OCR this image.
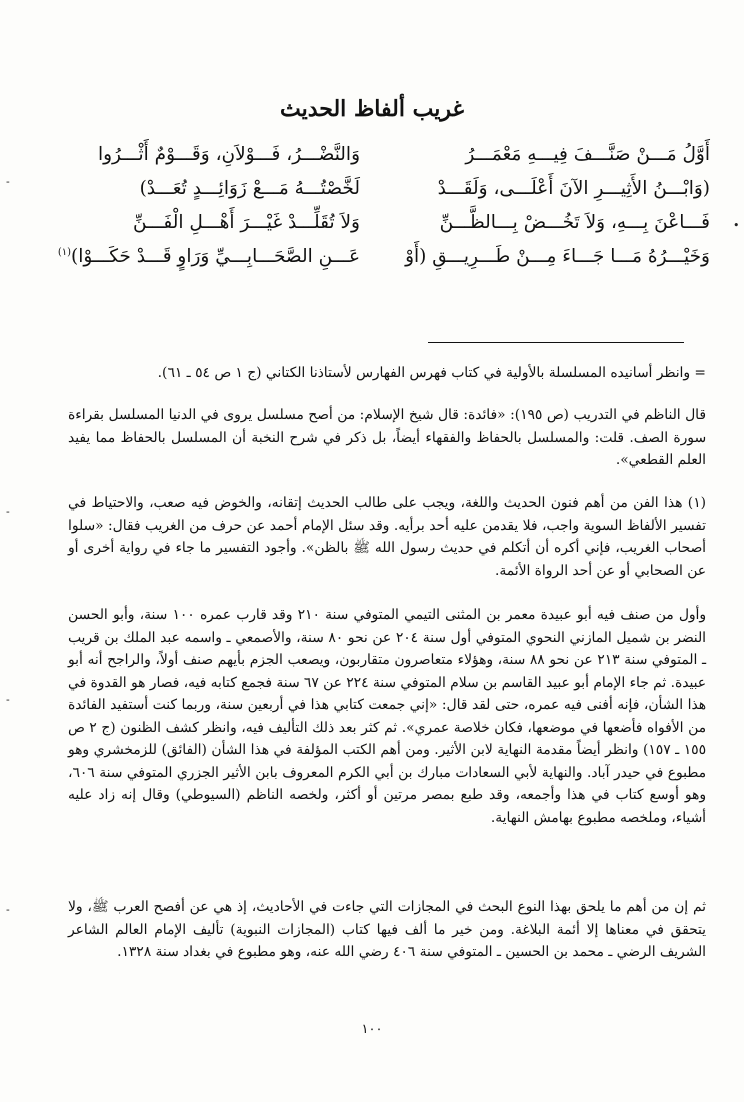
غريب ألفاظ الحديث
أَوَّلُ مَـــنْ صَنَّـــفَ فِيـــهِ مَعْمَـــرُ
وَالنَّضْـــرُ، فَـــوْلاَنِ، وَقَـــوْمٌ أَثْـــرُوا
(وَابْـــنُ الأَثِيـــرِ الآنَ أَعْلَـــى، وَلَقَـــدْ
لَخَّصْتُـــهُ مَـــعْ زَوَائِـــدٍ تُعَـــدْ)
فَـــاعْنَ بِـــهِ، وَلاَ تَخُـــضْ بِـــالظَّـــنِّ
وَلاَ تُقَلِّـــدْ غَيْـــرَ أَهْـــلِ الْفَـــنِّ
وَخَيْـــرُهُ مَـــا جَـــاءَ مِـــنْ طَـــرِيـــقِ (أَوْ
عَـــنِ الصَّحَـــابِـــيِّ وَرَاوٍ قَـــدْ حَكَـــوْا)$^{(١)}$
= وانظر أسانيده المسلسلة بالأولية في كتاب فهرس الفهارس لأستاذنا الكتاني (ج ١ ص ٥٤ ـ ٦١).
قال الناظم في التدريب (ص ١٩٥): «فائدة: قال شيخ الإسلام: من أصح مسلسل يروى في الدنيا المسلسل بقراءة سورة الصف. قلت: والمسلسل بالحفاظ والفقهاء أيضاً، بل ذكر في شرح النخبة أن المسلسل بالحفاظ مما يفيد العلم القطعي».
(١) هذا الفن من أهم فنون الحديث واللغة، ويجب على طالب الحديث إتقانه، والخوض فيه صعب، والاحتياط في تفسير الألفاظ السوية واجب، فلا يقدمن عليه أحد برأيه. وقد سئل الإمام أحمد عن حرف من الغريب فقال: «سلوا أصحاب الغريب، فإني أكره أن أتكلم في حديث رسول الله ﷺ بالظن». وأجود التفسير ما جاء في رواية أخرى أو عن الصحابي أو عن أحد الرواة الأئمة.
وأول من صنف فيه أبو عبيدة معمر بن المثنى التيمي المتوفي سنة ٢١٠ وقد قارب عمره ١٠٠ سنة، وأبو الحسن النضر بن شميل المازني النحوي المتوفي أول سنة ٢٠٤ عن نحو ٨٠ سنة، والأصمعي ـ واسمه عبد الملك بن قريب ـ المتوفي سنة ٢١٣ عن نحو ٨٨ سنة، وهؤلاء متعاصرون متقاربون، ويصعب الجزم بأيهم صنف أولاً، والراجح أنه أبو عبيدة. ثم جاء الإمام أبو عبيد القاسم بن سلام المتوفي سنة ٢٢٤ عن ٦٧ سنة فجمع كتابه فيه، فصار هو القدوة في هذا الشأن، فإنه أفنى فيه عمره، حتى لقد قال: «إني جمعت كتابي هذا في أربعين سنة، وربما كنت أستفيد الفائدة من الأفواه فأضعها في موضعها، فكان خلاصة عمري». ثم كثر بعد ذلك التأليف فيه، وانظر كشف الظنون (ج ٢ ص ١٥٥ ـ ١٥٧) وانظر أيضاً مقدمة النهاية لابن الأثير. ومن أهم الكتب المؤلفة في هذا الشأن (الفائق) للزمخشري وهو مطبوع في حيدر آباد. والنهاية لأبي السعادات مبارك بن أبي الكرم المعروف بابن الأثير الجزري المتوفي سنة ٦٠٦، وهو أوسع كتاب في هذا وأجمعه، وقد طبع بمصر مرتين أو أكثر، ولخصه الناظم (السيوطي) وقال إنه زاد عليه أشياء، وملخصه مطبوع بهامش النهاية.
ثم إن من أهم ما يلحق بهذا النوع البحث في المجازات التي جاءت في الأحاديث، إذ هي عن أفصح العرب ﷺ، ولا يتحقق في معناها إلا أئمة البلاغة. ومن خير ما ألف فيها كتاب (المجازات النبوية) تأليف الإمام العالم الشاعر الشريف الرضي ـ محمد بن الحسين ـ المتوفي سنة ٤٠٦ رضي الله عنه، وهو مطبوع في بغداد سنة ١٣٢٨.
١٠٠
-
•
-
-
-
